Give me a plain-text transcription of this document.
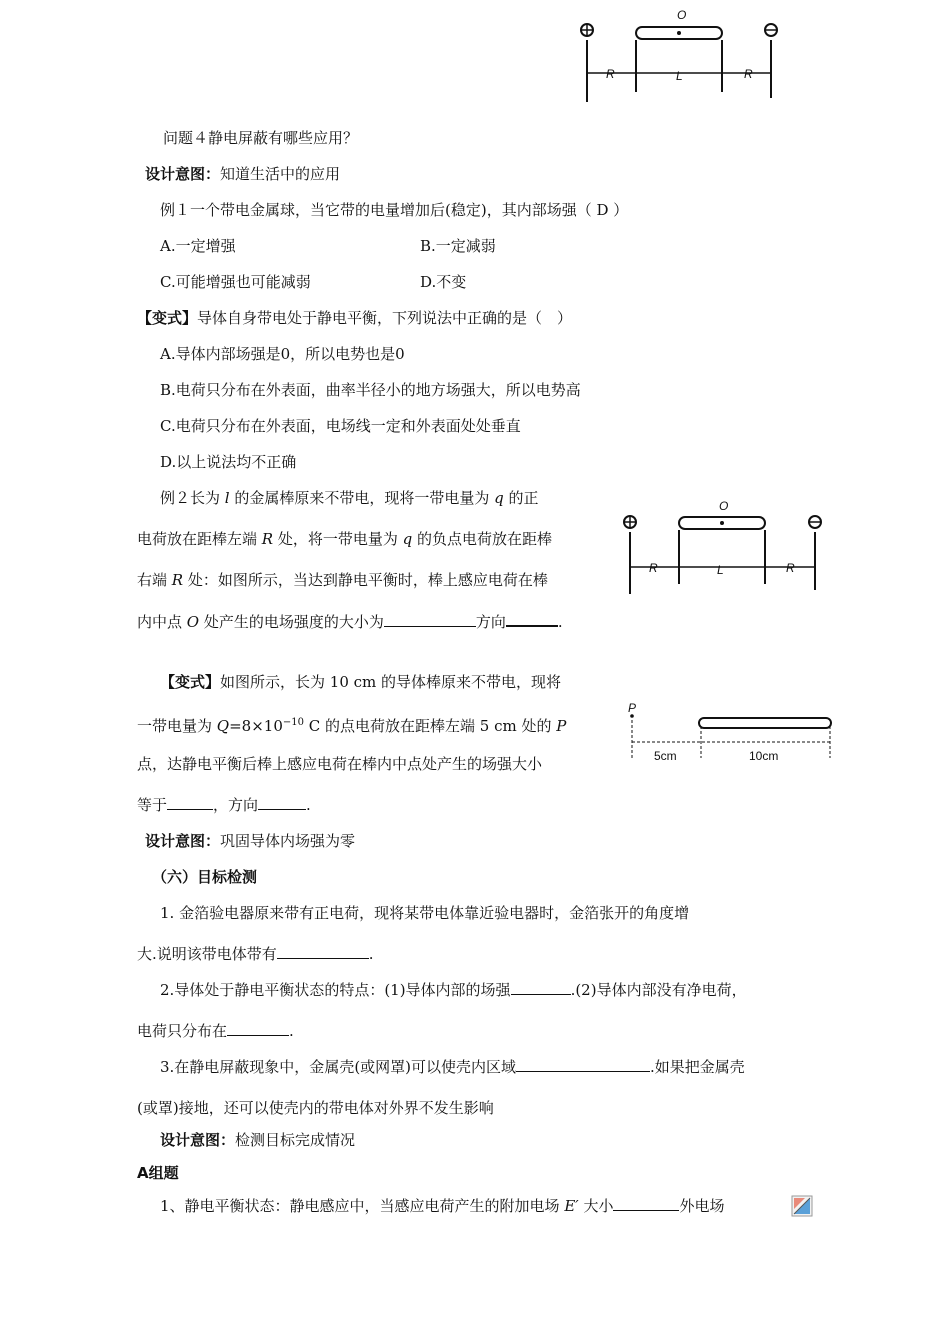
O
R	L	R
问题４静电屏蔽有哪些应用？
设计意图：知道生活中的应用
例１一个带电金属球，当它带的电量增加后(稳定)，其内部场强（ D ）
A.一定增强	B.一定减弱
C.可能增强也可能减弱	D.不变
【变式】导体自身带电处于静电平衡，下列说法中正确的是（　）
A.导体内部场强是0，所以电势也是0
B.电荷只分布在外表面，曲率半径小的地方场强大，所以电势高
C.电荷只分布在外表面，电场线一定和外表面处处垂直
D.以上说法均不正确
例２长为 l 的金属棒原来不带电，现将一带电量为 q 的正
电荷放在距棒左端 R 处，将一带电量为 q 的负点电荷放在距棒
右端 R 处：如图所示，当达到静电平衡时，棒上感应电荷在棒
内中点 O 处产生的电场强度的大小为	方向	.
O
R	L	R
P
5cm	10cm
【变式】如图所示，长为 10 cm 的导体棒原来不带电，现将
一带电量为 $Q=8\times 10^{-10}$ C 的点电荷放在距棒左端 5 cm 处的 P
点，达静电平衡后棒上感应电荷在棒内中点处产生的场强大小
等于	，方向	.
设计意图：巩固导体内场强为零
（六）目标检测
1. 金箔验电器原来带有正电荷，现将某带电体靠近验电器时，金箔张开的角度增
大.说明该带电体带有	.
2.导体处于静电平衡状态的特点：(1)导体内部的场强	.(2)导体内部没有净电荷，
电荷只分布在	.
3.在静电屏蔽现象中，金属壳(或网罩)可以使壳内区域	.如果把金属壳
(或罩)接地，还可以使壳内的带电体对外界不发生影响
设计意图：检测目标完成情况
A组题
1、静电平衡状态：静电感应中，当感应电荷产生的附加电场 E′ 大小	外电场
